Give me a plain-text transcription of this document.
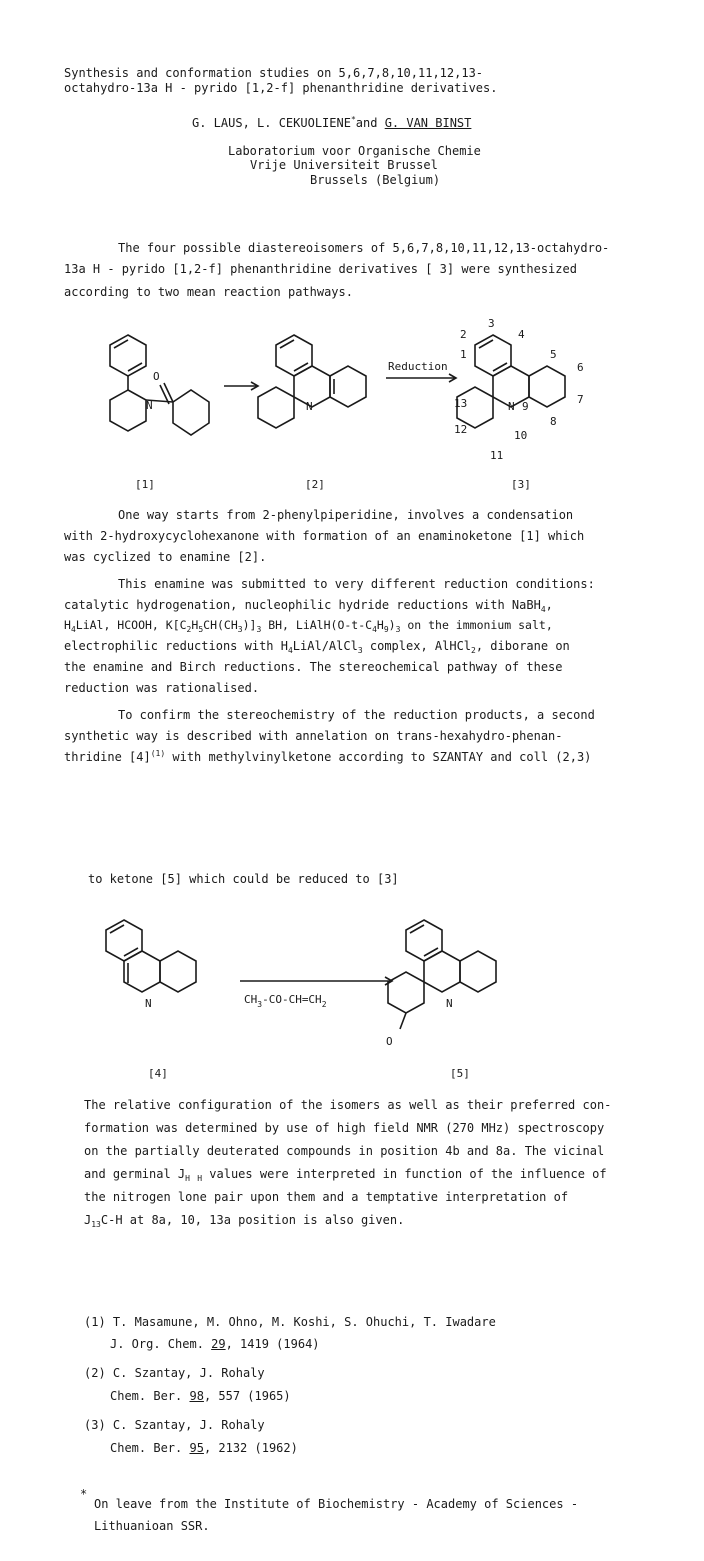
Synthesis and conformation studies on 5,6,7,8,10,11,12,13-
octahydro-13a H - pyrido [1,2-f] phenanthridine derivatives.
G. LAUS, L. CEKUOLIENE*and G. VAN BINST
Laboratorium voor Organische Chemie
Vrije Universiteit Brussel
Brussels (Belgium)
The four possible diastereoisomers of 5,6,7,8,10,11,12,13-octahydro-
13a H - pyrido [1,2-f] phenanthridine derivatives [ 3] were synthesized
according to two mean reaction pathways.
O
N	N
Reduction
3
2	4
1	5
6
7
8
N 9
13
12	10
11
[1]	[2]	[3]
One way starts from 2-phenylpiperidine, involves a condensation
with 2-hydroxycyclohexanone with formation of an enaminoketone [1] which
was cyclized to enamine [2].
This enamine was submitted to very different reduction conditions:
catalytic hydrogenation, nucleophilic hydride reductions with NaBH$_4$,
$H_4LiAl$, HCOOH, $K[C_2H_5CH(CH_3)]_3$ BH, $LiAlH(O-t-C_4H_9)_3$ on the immonium salt,
electrophilic reductions with $H_4LiAl/AlCl_3$ complex, AlHCl$_2$, diborane on
the enamine and Birch reductions. The stereochemical pathway of these
reduction was rationalised.
To confirm the stereochemistry of the reduction products, a second
synthetic way is described with annelation on trans-hexahydro-phenan-
thridine $[4]^{(1)}$ with methylvinylketone according to SZANTAY and coll (2,3)
to ketone [5] which could be reduced to [3]
N	$CH_3-CO-CH=CH_2$	N
O
[4]	[5]
The relative configuration of the isomers as well as their preferred con-
formation was determined by use of high field NMR (270 MHz) spectroscopy
on the partially deuterated compounds in position 4b and 8a. The vicinal
and germinal $J_H$ $_H$ values were interpreted in function of the influence of
the nitrogen lone pair upon them and a temptative interpretation of
$J_{13}C-H$ at 8a, 10, 13a position is also given.
(1) T. Masamune, M. Ohno, M. Koshi, S. Ohuchi, T. Iwadare
J. Org. Chem. 29, 1419 (1964)
(2) C. Szantay, J. Rohaly
Chem. Ber. 98, 557 (1965)
(3) C. Szantay, J. Rohaly
Chem. Ber. 95, 2132 (1962)
*
On leave from the Institute of Biochemistry - Academy of Sciences -
Lithuanioan SSR.
